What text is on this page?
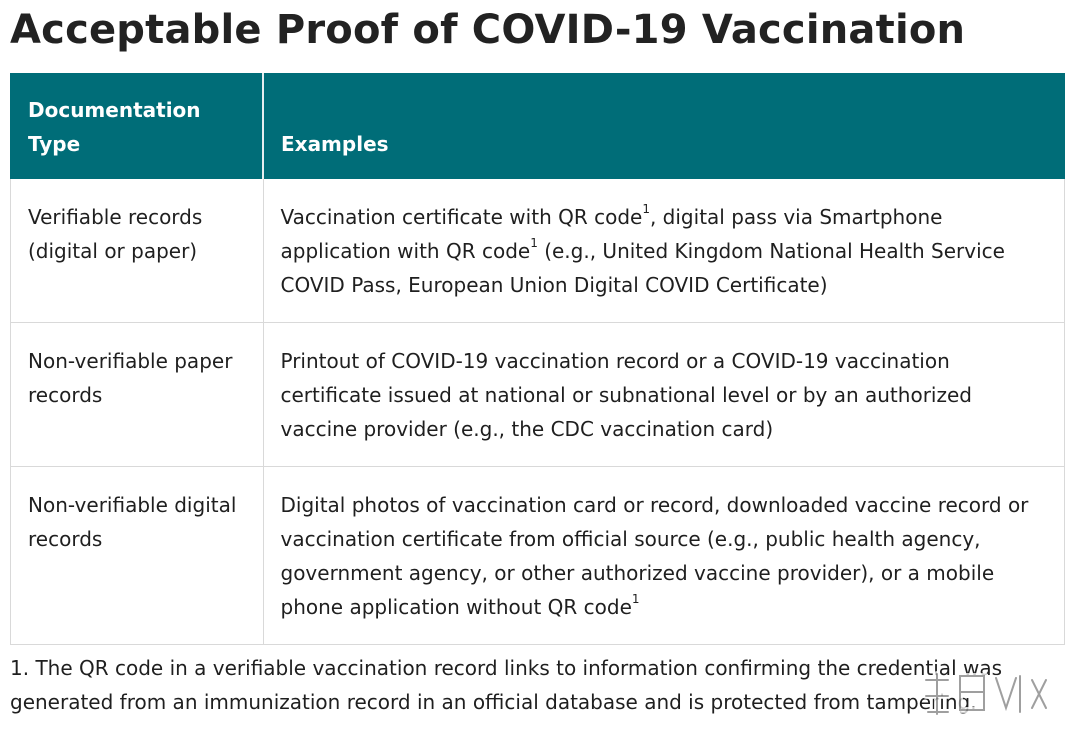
Acceptable Proof of COVID-19 Vaccination
Documentation Type	Examples

Verifiable records (digital or paper)	Vaccination certificate with QR code$^1$, digital pass via Smartphone application with QR code$^1$ (e.g., United Kingdom National Health Service COVID Pass, European Union Digital COVID Certificate)

Non-verifiable paper records	Printout of COVID-19 vaccination record or a COVID-19 vaccination certificate issued at national or subnational level or by an authorized vaccine provider (e.g., the CDC vaccination card)

Non-verifiable digital records	Digital photos of vaccination card or record, downloaded vaccine record or vaccination certificate from official source (e.g., public health agency, government agency, or other authorized vaccine provider), or a mobile phone application without QR code$^1$

1. The QR code in a verifiable vaccination record links to information confirming the credential was generated from an immunization record in an official database and is protected from tampering.
